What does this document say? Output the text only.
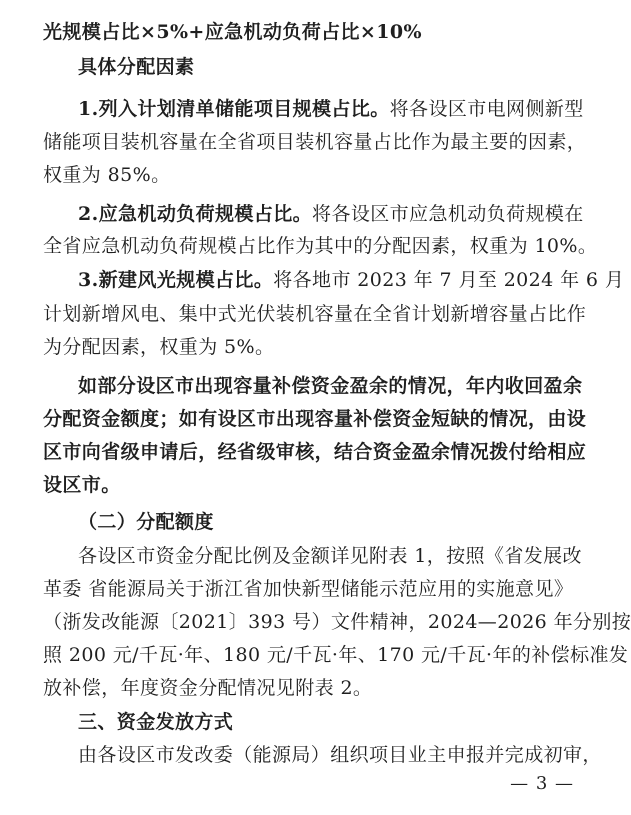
光规模占比×5%+应急机动负荷占比×10%
具体分配因素
1.列入计划清单储能项目规模占比。将各设区市电网侧新型
储能项目装机容量在全省项目装机容量占比作为最主要的因素，
权重为 85%。
2.应急机动负荷规模占比。将各设区市应急机动负荷规模在
全省应急机动负荷规模占比作为其中的分配因素，权重为 10%。
3.新建风光规模占比。将各地市 2023 年 7 月至 2024 年 6 月
计划新增风电、集中式光伏装机容量在全省计划新增容量占比作
为分配因素，权重为 5%。
如部分设区市出现容量补偿资金盈余的情况，年内收回盈余
分配资金额度；如有设区市出现容量补偿资金短缺的情况，由设
区市向省级申请后，经省级审核，结合资金盈余情况拨付给相应
设区市。
（二）分配额度
各设区市资金分配比例及金额详见附表 1，按照《省发展改
革委 省能源局关于浙江省加快新型储能示范应用的实施意见》
（浙发改能源〔2021〕393 号）文件精神，2024—2026 年分别按
照 200 元/千瓦·年、180 元/千瓦·年、170 元/千瓦·年的补偿标准发
放补偿，年度资金分配情况见附表 2。
三、资金发放方式
由各设区市发改委（能源局）组织项目业主申报并完成初审，
— 3 —
